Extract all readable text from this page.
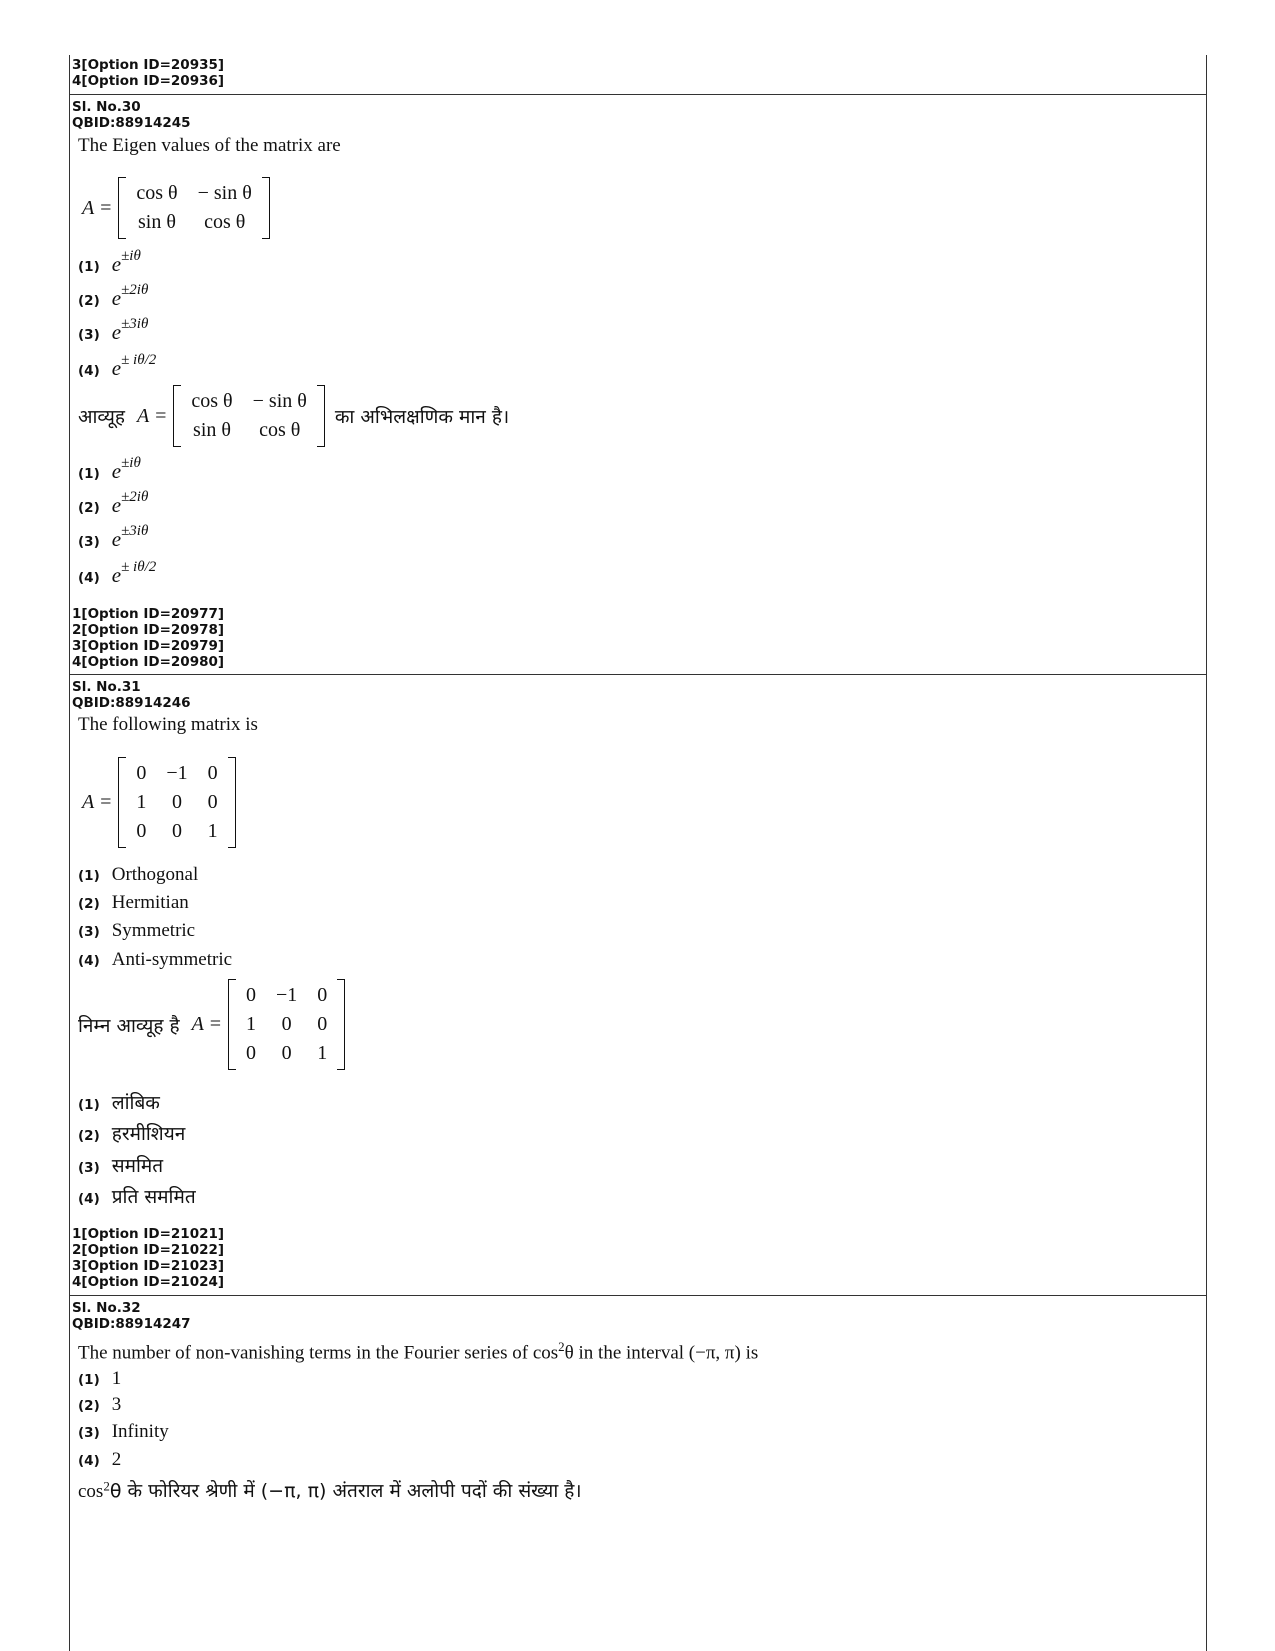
3[Option ID=20935]
4[Option ID=20936]
Sl. No.30
QBID:88914245
The Eigen values of the matrix are
A =
cos θ	− sin θ
sin θ	cos θ
(1) $e^{\pm i\theta}$
(2) $e^{\pm 2i\theta}$
(3) $e^{\pm 3i\theta}$
(4) $e^{\pm i\theta/2}$
आव्यूह A =
cos θ	− sin θ
sin θ	cos θ
का अभिलक्षणिक मान है।
(1) $e^{\pm i\theta}$
(2) $e^{\pm 2i\theta}$
(3) $e^{\pm 3i\theta}$
(4) $e^{\pm i\theta/2}$
1[Option ID=20977]
2[Option ID=20978]
3[Option ID=20979]
4[Option ID=20980]
Sl. No.31
QBID:88914246
The following matrix is
A =
0	−1	0
1	0	0
0	0	1
(1) Orthogonal
(2) Hermitian
(3) Symmetric
(4) Anti-symmetric
निम्न आव्यूह है A =
0	−1	0
1	0	0
0	0	1
(1) लांबिक
(2) हरमीशियन
(3) सममित
(4) प्रति सममित
1[Option ID=21021]
2[Option ID=21022]
3[Option ID=21023]
4[Option ID=21024]
Sl. No.32
QBID:88914247
The number of non-vanishing terms in the Fourier series of $\cos^2\theta$ in the interval (−π, π) is
(1) 1
(2) 3
(3) Infinity
(4) 2
$\cos^2\theta$ के फोरियर श्रेणी में (−π, π) अंतराल में अलोपी पदों की संख्या है।
